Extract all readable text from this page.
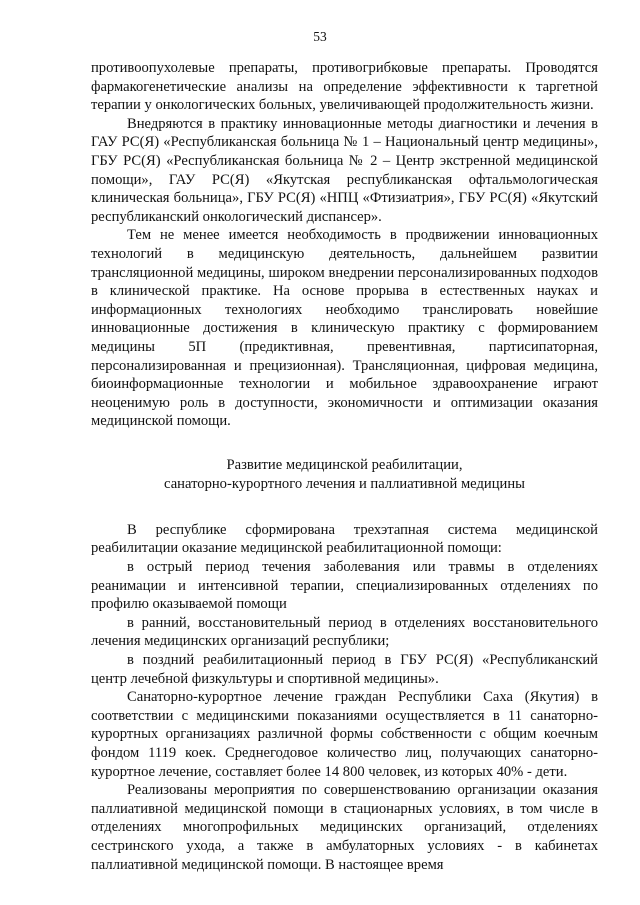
53

противоопухолевые препараты, противогрибковые препараты. Проводятся фармакогенетические анализы на определение эффективности к таргетной терапии у онкологических больных, увеличивающей продолжительность жизни.

Внедряются в практику инновационные методы диагностики и лечения в ГАУ РС(Я) «Республиканская больница № 1 – Национальный центр медицины», ГБУ РС(Я) «Республиканская больница № 2 – Центр экстренной медицинской помощи», ГАУ РС(Я) «Якутская республиканская офтальмологическая клиническая больница», ГБУ РС(Я) «НПЦ «Фтизиатрия», ГБУ РС(Я) «Якутский республиканский онкологический диспансер».

Тем не менее имеется необходимость в продвижении инновационных технологий в медицинскую деятельность, дальнейшем развитии трансляционной медицины, широком внедрении персонализированных подходов в клинической практике. На основе прорыва в естественных науках и информационных технологиях необходимо транслировать новейшие инновационные достижения в клиническую практику с формированием медицины 5П (предиктивная, превентивная, партисипаторная, персонализированная и прецизионная). Трансляционная, цифровая медицина, биоинформационные технологии и мобильное здравоохранение играют неоценимую роль в доступности, экономичности и оптимизации оказания медицинской помощи.

Развитие медицинской реабилитации,
санаторно-курортного лечения и паллиативной медицины

В республике сформирована трехэтапная система медицинской реабилитации оказание медицинской реабилитационной помощи:

в острый период течения заболевания или травмы в отделениях реанимации и интенсивной терапии, специализированных отделениях по профилю оказываемой помощи

в ранний, восстановительный период в отделениях восстановительного лечения медицинских организаций республики;

в поздний реабилитационный период в ГБУ РС(Я) «Республиканский центр лечебной физкультуры и спортивной медицины».

Санаторно-курортное лечение граждан Республики Саха (Якутия) в соответствии с медицинскими показаниями осуществляется в 11 санаторно-курортных организациях различной формы собственности с общим коечным фондом 1119 коек. Среднегодовое количество лиц, получающих санаторно-курортное лечение, составляет более 14 800 человек, из которых 40% - дети.

Реализованы мероприятия по совершенствованию организации оказания паллиативной медицинской помощи в стационарных условиях, в том числе в отделениях многопрофильных медицинских организаций, отделениях сестринского ухода, а также в амбулаторных условиях - в кабинетах паллиативной медицинской помощи. В настоящее время
